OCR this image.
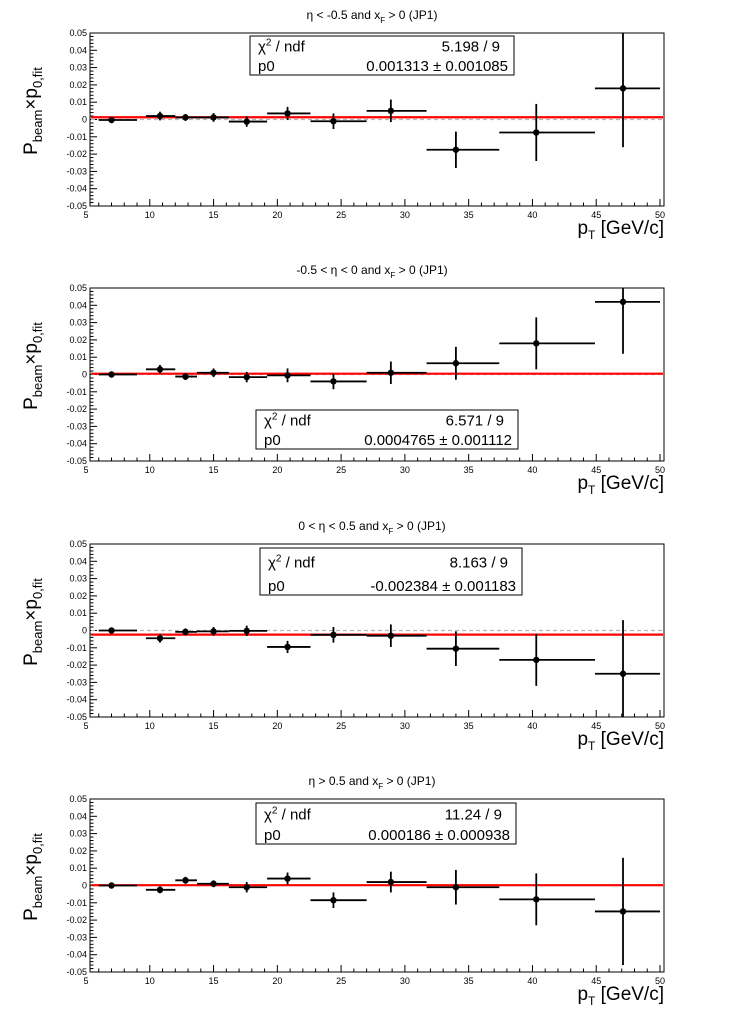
η < -0.5 and $x_F > 0$ (JP1)
-0.05
-0.04
-0.03
-0.02
-0.01
0
0.01
0.02
0.03
0.04
0.05
5	10	15	20	25	30	35	40	45	50
$\chi^2$ / ndf	5.198 / 9
p0	0.001313 ± 0.001085
$P_{beam}\times p_{0,fit}$
$p_T$ [GeV/c]
-0.5 < η < 0 and $x_F > 0$ (JP1)
-0.05
-0.04
-0.03
-0.02
-0.01
0
0.01
0.02
0.03
0.04
0.05
5	10	15	20	25	30	35	40	45	50
$\chi^2$ / ndf	6.571 / 9
p0	0.0004765 ± 0.001112
$P_{beam}\times p_{0,fit}$
$p_T$ [GeV/c]
0 < η < 0.5 and $x_F > 0$ (JP1)
-0.05
-0.04
-0.03
-0.02
-0.01
0
0.01
0.02
0.03
0.04
0.05
5	10	15	20	25	30	35	40	45	50
$\chi^2$ / ndf	8.163 / 9
p0	-0.002384 ± 0.001183
$P_{beam}\times p_{0,fit}$
$p_T$ [GeV/c]
η > 0.5 and $x_F > 0$ (JP1)
-0.05
-0.04
-0.03
-0.02
-0.01
0
0.01
0.02
0.03
0.04
0.05
5	10	15	20	25	30	35	40	45	50
$\chi^2$ / ndf	11.24 / 9
p0	0.000186 ± 0.000938
$P_{beam}\times p_{0,fit}$
$p_T$ [GeV/c]
